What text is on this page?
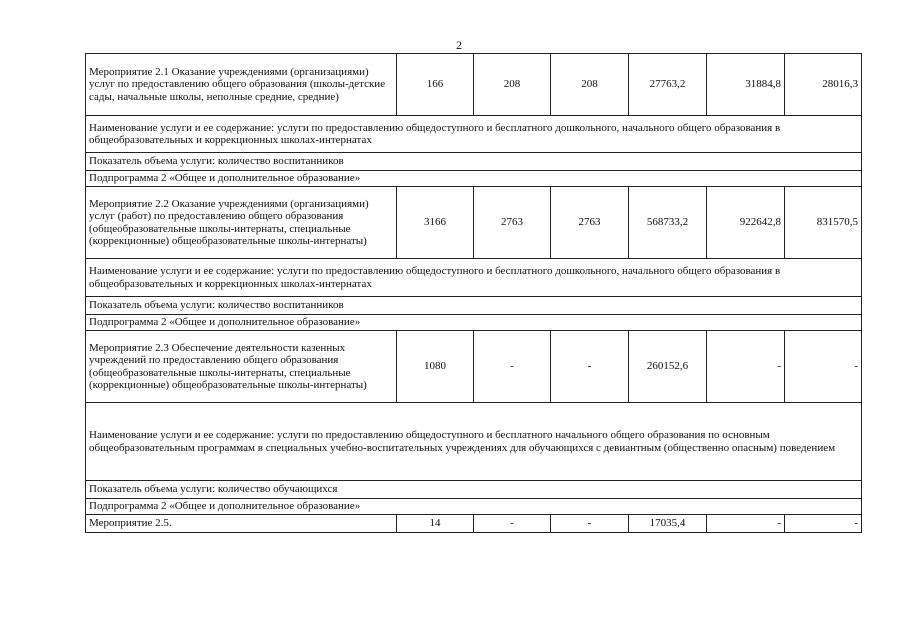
2
Мероприятие 2.1 Оказание учреждениями (организациями) услуг по предоставлению общего образования (школы-детские сады, начальные школы, неполные средние, средние)	166	208	208	27763,2	31884,8	28016,3
Наименование услуги и ее содержание: услуги по предоставлению общедоступного и бесплатного дошкольного, начального общего образования в общеобразовательных и коррекционных школах-интернатах						
Показатель объема услуги: количество воспитанников						
Подпрограмма 2 «Общее и дополнительное образование»						
Мероприятие 2.2 Оказание учреждениями (организациями) услуг (работ) по предоставлению общего образования (общеобразовательные школы-интернаты, специальные (коррекционные) общеобразовательные школы-интернаты)	3166	2763	2763	568733,2	922642,8	831570,5
Наименование услуги и ее содержание: услуги по предоставлению общедоступного и бесплатного дошкольного, начального общего образования в общеобразовательных и коррекционных школах-интернатах						
Показатель объема услуги: количество воспитанников						
Подпрограмма 2 «Общее и дополнительное образование»						
Мероприятие 2.3 Обеспечение деятельности казенных учреждений по предоставлению общего образования (общеобразовательные школы-интернаты, специальные (коррекционные) общеобразовательные школы-интернаты)	1080	-	-	260152,6	-	-
Наименование услуги и ее содержание: услуги по предоставлению общедоступного и бесплатного начального общего образования по основным общеобразовательным программам в специальных учебно-воспитательных учреждениях для обучающихся с девиантным (общественно опасным) поведением						
Показатель объема услуги: количество обучающихся						
Подпрограмма 2 «Общее и дополнительное образование»						
Мероприятие 2.5.	14	-	-	17035,4	-	-
